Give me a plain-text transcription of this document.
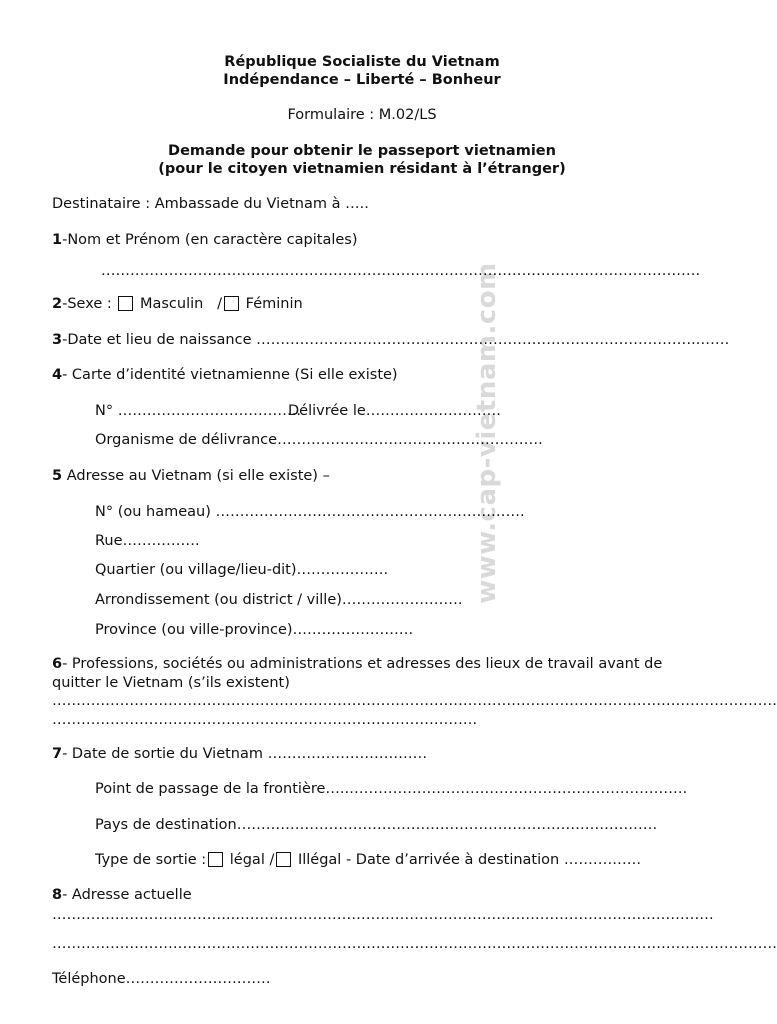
www.cap-vietnam.com
République Socialiste du Vietnam
Indépendance – Liberté – Bonheur
Formulaire : M.02/LS
Demande pour obtenir le passeport vietnamien
(pour le citoyen vietnamien résidant à l’étranger)
Destinataire : Ambassade du Vietnam à …..
1-Nom et Prénom (en caractère capitales)
…………………………………………………………………………………………………………….
2-Sexe : Masculin / Féminin
3-Date et lieu de naissance ………………………………………………………………………………..……
4- Carte d’identité vietnamienne (Si elle existe)
N° ………………………………..
Délivrée le……………………….
Organisme de délivrance……………………………………………….
5 Adresse au Vietnam (si elle existe) –
N° (ou hameau) ……………………………………………………….
Rue…………….
Quartier (ou village/lieu-dit)……………….
Arrondissement (ou district / ville)…………………….
Province (ou ville-province)…………………….
6- Professions, sociétés ou administrations et adresses des lieux de travail avant de
quitter le Vietnam (s’ils existent)
……………………………………………………………………………………………………………………………………
…………………………………………………………………………….
7- Date de sortie du Vietnam ……………………………
Point de passage de la frontière…..…………………………………………………………….
Pays de destination……………………………………………………………………………
Type de sortie : légal / Illégal - Date d’arrivée à destination …………….
8- Adresse actuelle
………………………………..………………………………………………………………………………………
……………………………………………………………………………………………………………………………………
Téléphone…………………………
